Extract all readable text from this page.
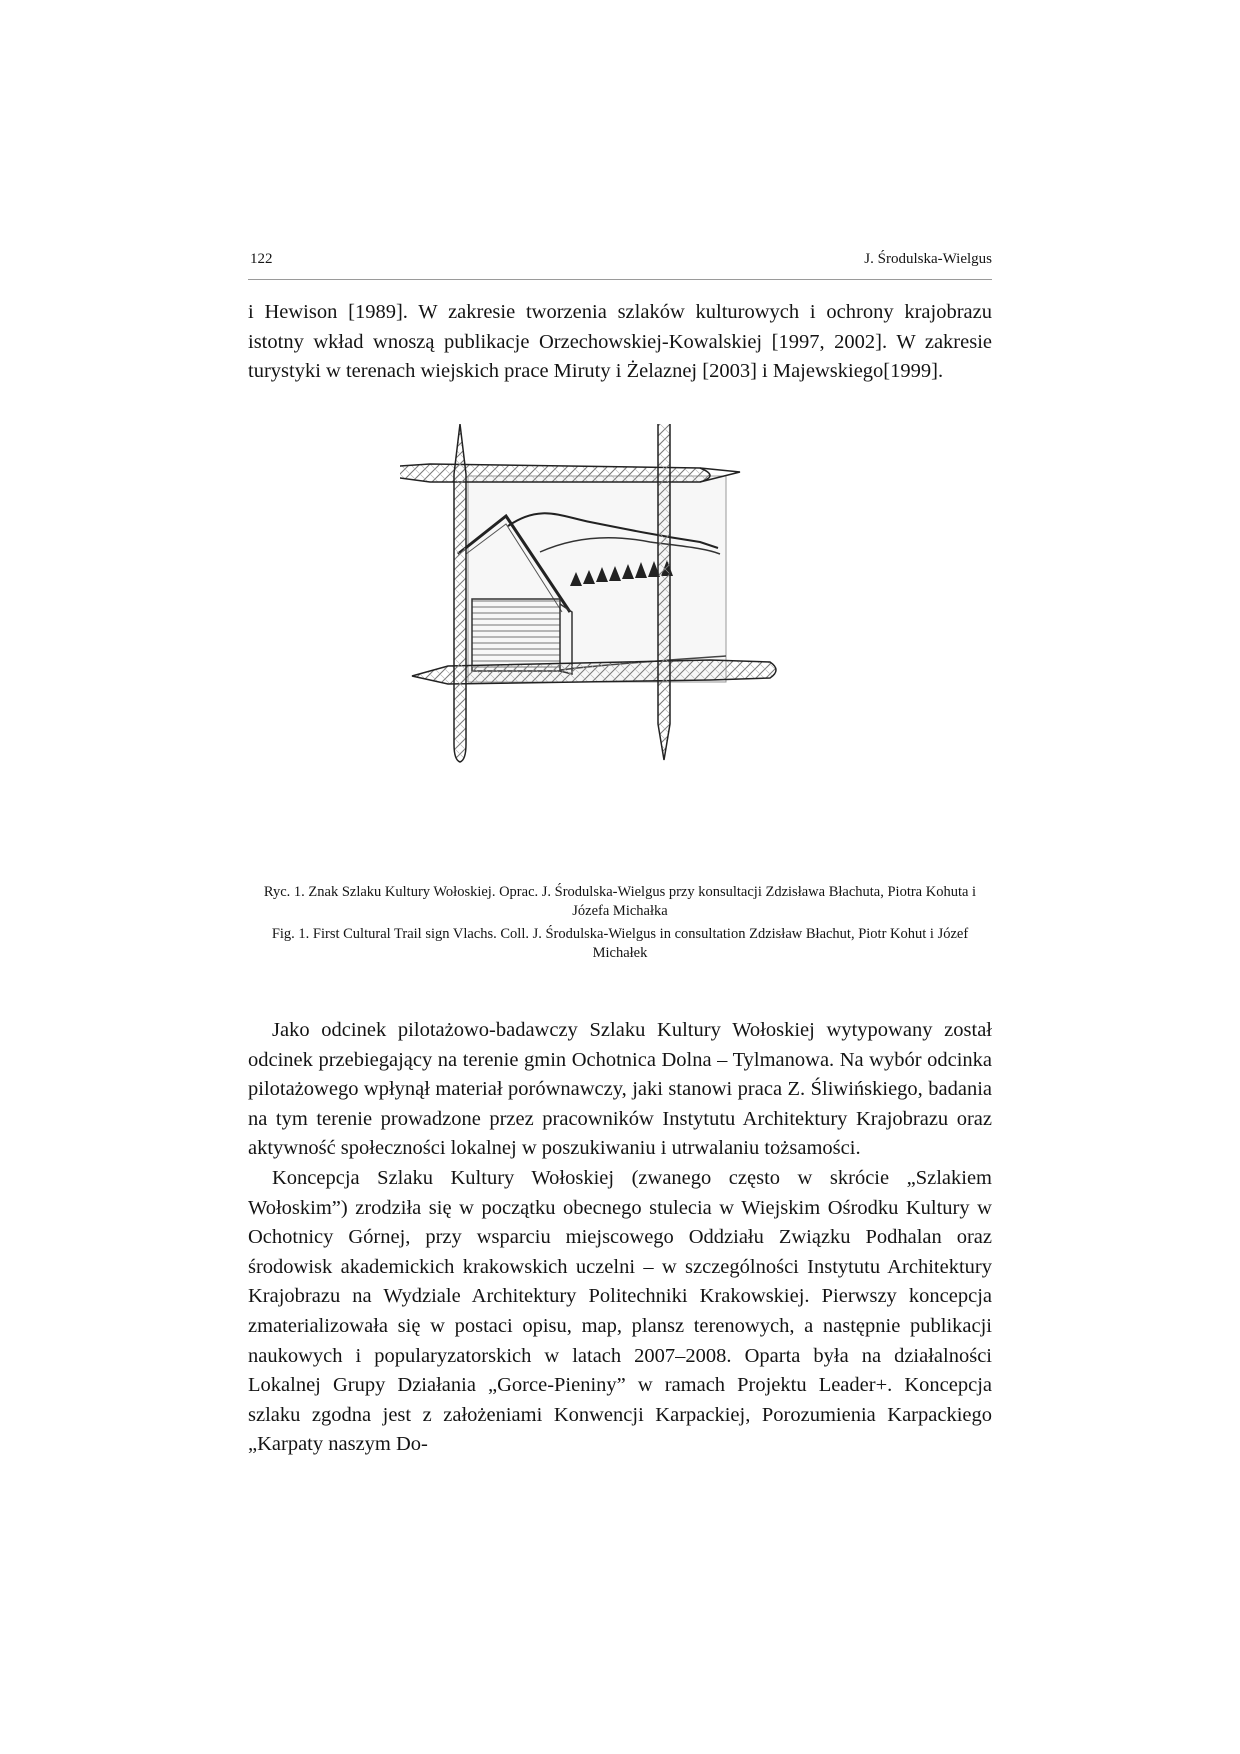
122	J. Środulska-Wielgus

i Hewison [1989]. W zakresie tworzenia szlaków kulturowych i ochrony krajobrazu istotny wkład wnoszą publikacje Orzechowskiej-Kowalskiej [1997, 2002]. W zakresie turystyki w terenach wiejskich prace Miruty i Żelaznej [2003] i Majewskiego[1999].

Ryc. 1. Znak Szlaku Kultury Wołoskiej. Oprac. J. Środulska-Wielgus przy konsultacji Zdzisława Błachuta, Piotra Kohuta i Józefa Michałka

Fig. 1. First Cultural Trail sign Vlachs. Coll. J. Środulska-Wielgus in consultation Zdzisław Błachut, Piotr Kohut i Józef Michałek

Jako odcinek pilotażowo-badawczy Szlaku Kultury Wołoskiej wytypowany został odcinek przebiegający na terenie gmin Ochotnica Dolna – Tylmanowa. Na wybór odcinka pilotażowego wpłynął materiał porównawczy, jaki stanowi praca Z. Śliwińskiego, badania na tym terenie prowadzone przez pracowników Instytutu Architektury Krajobrazu oraz aktywność społeczności lokalnej w poszukiwaniu i utrwalaniu tożsamości.

Koncepcja Szlaku Kultury Wołoskiej (zwanego często w skrócie „Szlakiem Wołoskim”) zrodziła się w początku obecnego stulecia w Wiejskim Ośrodku Kultury w Ochotnicy Górnej, przy wsparciu miejscowego Oddziału Związku Podhalan oraz środowisk akademickich krakowskich uczelni – w szczególności Instytutu Architektury Krajobrazu na Wydziale Architektury Politechniki Krakowskiej. Pierwszy koncepcja zmaterializowała się w postaci opisu, map, plansz terenowych, a następnie publikacji naukowych i popularyzatorskich w latach 2007–2008. Oparta była na działalności Lokalnej Grupy Działania „Gorce-Pieniny” w ramach Projektu Leader+. Koncepcja szlaku zgodna jest z założeniami Konwencji Karpackiej, Porozumienia Karpackiego „Karpaty naszym Do-
